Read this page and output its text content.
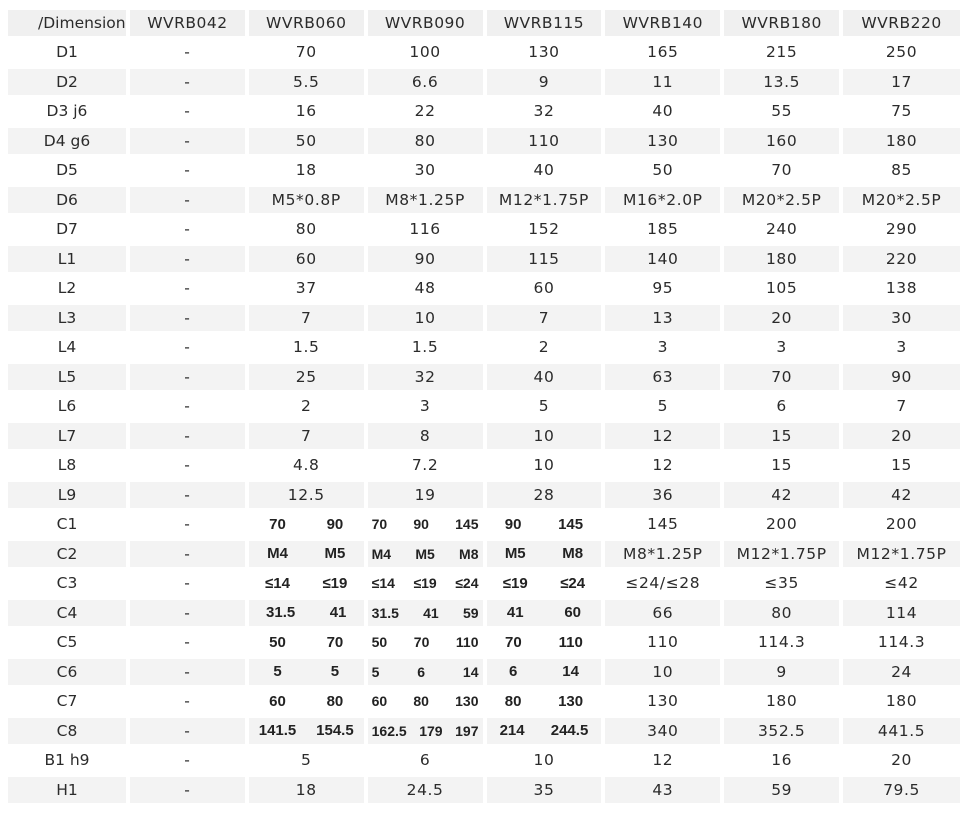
/Dimension	WVRB042	WVRB060	WVRB090	WVRB115	WVRB140	WVRB180	WVRB220
D1	-	70	100	130	165	215	250
D2	-	5.5	6.6	9	11	13.5	17
D3 j6	-	16	22	32	40	55	75
D4 g6	-	50	80	110	130	160	180
D5	-	18	30	40	50	70	85
D6	-	M5*0.8P	M8*1.25P	M12*1.75P	M16*2.0P	M20*2.5P	M20*2.5P
D7	-	80	116	152	185	240	290
L1	-	60	90	115	140	180	220
L2	-	37	48	60	95	105	138
L3	-	7	10	7	13	20	30
L4	-	1.5	1.5	2	3	3	3
L5	-	25	32	40	63	70	90
L6	-	2	3	5	5	6	7
L7	-	7	8	10	12	15	20
L8	-	4.8	7.2	10	12	15	15
L9	-	12.5	19	28	36	42	42
C1	-	70 90	70 90 145	90 145	145	200	200
C2	-	M4 M5	M4 M5 M8	M5 M8	M8*1.25P	M12*1.75P	M12*1.75P
C3	-	≤14 ≤19	≤14 ≤19 ≤24	≤19 ≤24	≤24/≤28	≤35	≤42
C4	-	31.5 41	31.5 41 59	41 60	66	80	114
C5	-	50 70	50 70 110	70 110	110	114.3	114.3
C6	-	5 5	5 6 14	6 14	10	9	24
C7	-	60 80	60 80 130	80 130	130	180	180
C8	-	141.5 154.5	162.5 179 197	214 244.5	340	352.5	441.5
B1 h9	-	5	6	10	12	16	20
H1	-	18	24.5	35	43	59	79.5
